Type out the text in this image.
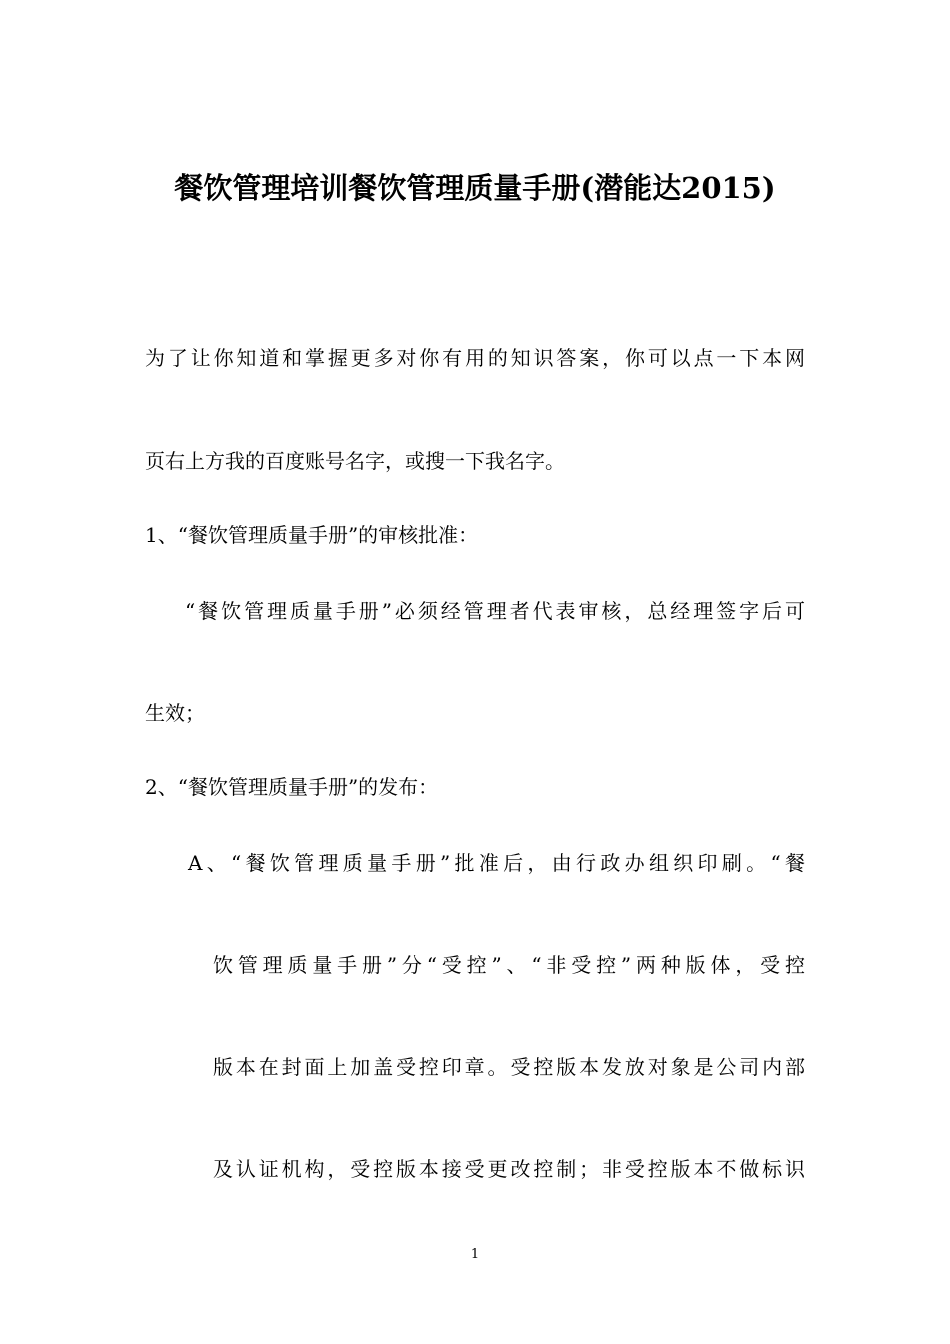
餐饮管理培训餐饮管理质量手册(潜能达2015)
为了让你知道和掌握更多对你有用的知识答案，你可以点一下本网
页右上方我的百度账号名字，或搜一下我名字。
1、“餐饮管理质量手册”的审核批准：
“餐饮管理质量手册”必须经管理者代表审核，总经理签字后可
生效；
2、“餐饮管理质量手册”的发布：
A、“餐饮管理质量手册”批准后，由行政办组织印刷。“餐
饮管理质量手册”分“受控”、“非受控”两种版体，受控
版本在封面上加盖受控印章。受控版本发放对象是公司内部
及认证机构，受控版本接受更改控制；非受控版本不做标识
1
